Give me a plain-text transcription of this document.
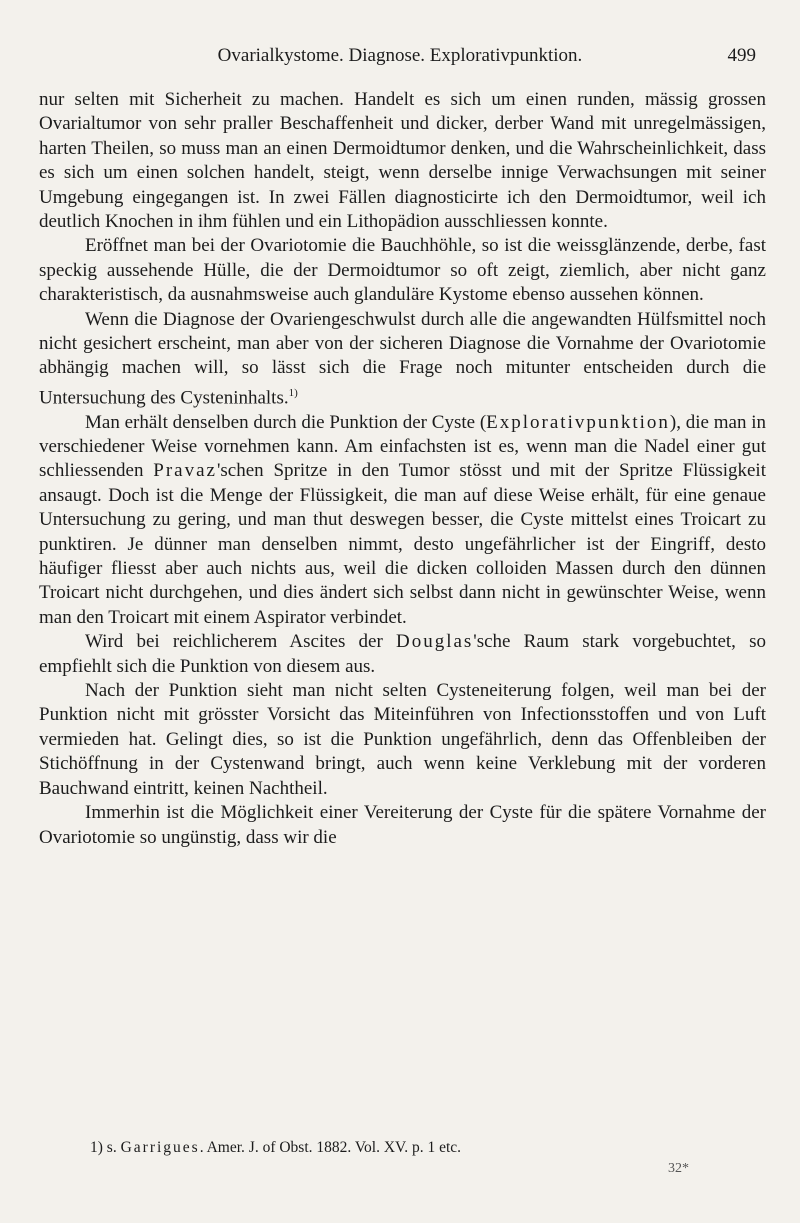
Ovarialkystome. Diagnose. Explorativpunktion.	499

nur selten mit Sicherheit zu machen. Handelt es sich um einen runden, mässig grossen Ovarialtumor von sehr praller Beschaffenheit und dicker, derber Wand mit unregelmässigen, harten Theilen, so muss man an einen Dermoidtumor denken, und die Wahrscheinlichkeit, dass es sich um einen solchen handelt, steigt, wenn derselbe innige Verwachsungen mit seiner Umgebung eingegangen ist. In zwei Fällen diagnosticirte ich den Dermoidtumor, weil ich deutlich Knochen in ihm fühlen und ein Lithopädion ausschliessen konnte.

Eröffnet man bei der Ovariotomie die Bauchhöhle, so ist die weissglänzende, derbe, fast speckig aussehende Hülle, die der Dermoidtumor so oft zeigt, ziemlich, aber nicht ganz charakteristisch, da ausnahmsweise auch glanduläre Kystome ebenso aussehen können.

Wenn die Diagnose der Ovariengeschwulst durch alle die angewandten Hülfsmittel noch nicht gesichert erscheint, man aber von der sicheren Diagnose die Vornahme der Ovariotomie abhängig machen will, so lässt sich die Frage noch mitunter entscheiden durch die Untersuchung des Cysteninhalts.$^{1)}$

Man erhält denselben durch die Punktion der Cyste (Explorativpunktion), die man in verschiedener Weise vornehmen kann. Am einfachsten ist es, wenn man die Nadel einer gut schliessenden Pravaz'schen Spritze in den Tumor stösst und mit der Spritze Flüssigkeit ansaugt. Doch ist die Menge der Flüssigkeit, die man auf diese Weise erhält, für eine genaue Untersuchung zu gering, und man thut deswegen besser, die Cyste mittelst eines Troicart zu punktiren. Je dünner man denselben nimmt, desto ungefährlicher ist der Eingriff, desto häufiger fliesst aber auch nichts aus, weil die dicken colloiden Massen durch den dünnen Troicart nicht durchgehen, und dies ändert sich selbst dann nicht in gewünschter Weise, wenn man den Troicart mit einem Aspirator verbindet.

Wird bei reichlicherem Ascites der Douglas'sche Raum stark vorgebuchtet, so empfiehlt sich die Punktion von diesem aus.

Nach der Punktion sieht man nicht selten Cysteneiterung folgen, weil man bei der Punktion nicht mit grösster Vorsicht das Miteinführen von Infectionsstoffen und von Luft vermieden hat. Gelingt dies, so ist die Punktion ungefährlich, denn das Offenbleiben der Stichöffnung in der Cystenwand bringt, auch wenn keine Verklebung mit der vorderen Bauchwand eintritt, keinen Nachtheil.

Immerhin ist die Möglichkeit einer Vereiterung der Cyste für die spätere Vornahme der Ovariotomie so ungünstig, dass wir die

1) s. Garrigues. Amer. J. of Obst. 1882. Vol. XV. p. 1 etc.
32*
